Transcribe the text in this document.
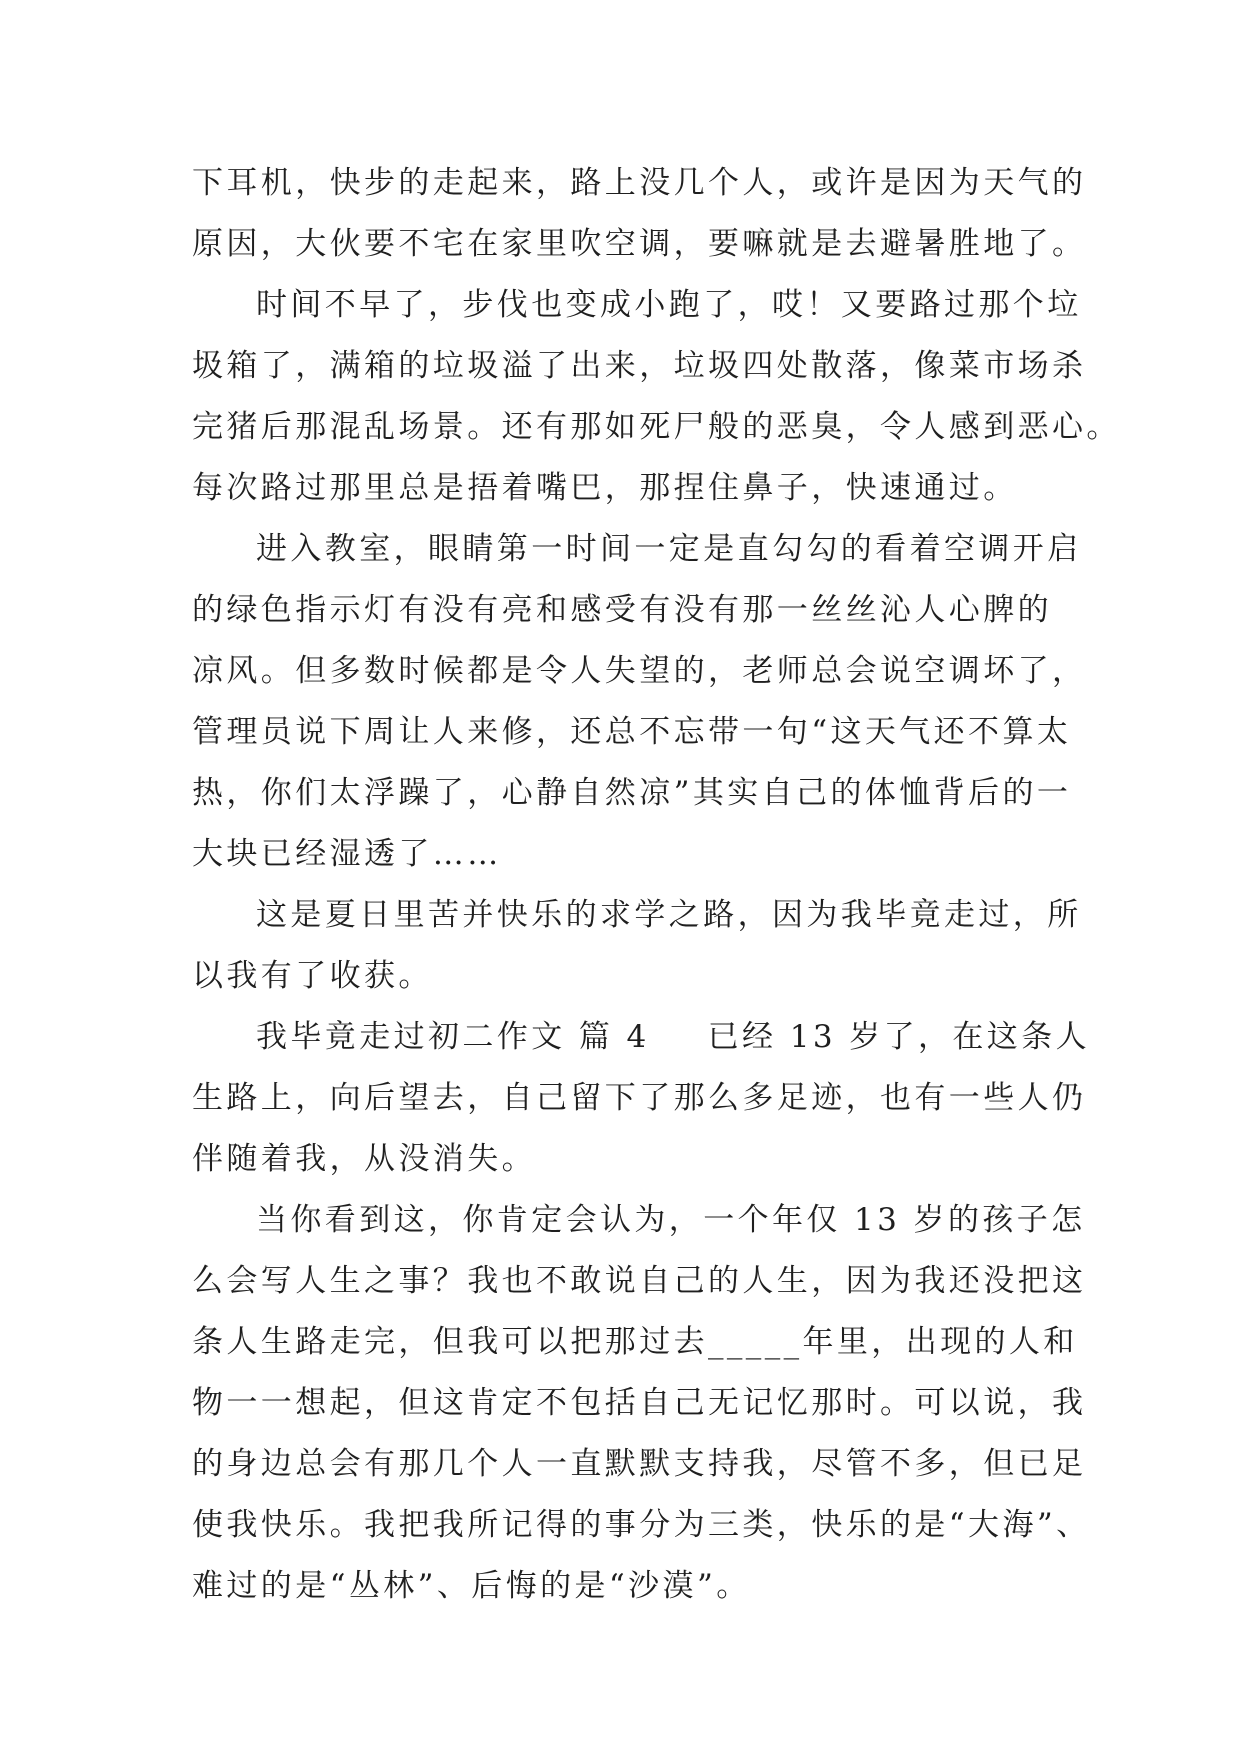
下耳机，快步的走起来，路上没几个人，或许是因为天气的
原因，大伙要不宅在家里吹空调，要嘛就是去避暑胜地了。
时间不早了，步伐也变成小跑了，哎！又要路过那个垃
圾箱了，满箱的垃圾溢了出来，垃圾四处散落，像菜市场杀
完猪后那混乱场景。还有那如死尸般的恶臭，令人感到恶心。
每次路过那里总是捂着嘴巴，那捏住鼻子，快速通过。
进入教室，眼睛第一时间一定是直勾勾的看着空调开启
的绿色指示灯有没有亮和感受有没有那一丝丝沁人心脾的
凉风。但多数时候都是令人失望的，老师总会说空调坏了，
管理员说下周让人来修，还总不忘带一句“这天气还不算太
热，你们太浮躁了，心静自然凉”其实自己的体恤背后的一
大块已经湿透了……
这是夏日里苦并快乐的求学之路，因为我毕竟走过，所
以我有了收获。
我毕竟走过初二作文 篇 4 已经 13 岁了，在这条人
生路上，向后望去，自己留下了那么多足迹，也有一些人仍
伴随着我，从没消失。
当你看到这，你肯定会认为，一个年仅 13 岁的孩子怎
么会写人生之事？我也不敢说自己的人生，因为我还没把这
条人生路走完，但我可以把那过去_____年里，出现的人和
物一一想起，但这肯定不包括自己无记忆那时。可以说，我
的身边总会有那几个人一直默默支持我，尽管不多，但已足
使我快乐。我把我所记得的事分为三类，快乐的是“大海”、
难过的是“丛林”、后悔的是“沙漠”。
